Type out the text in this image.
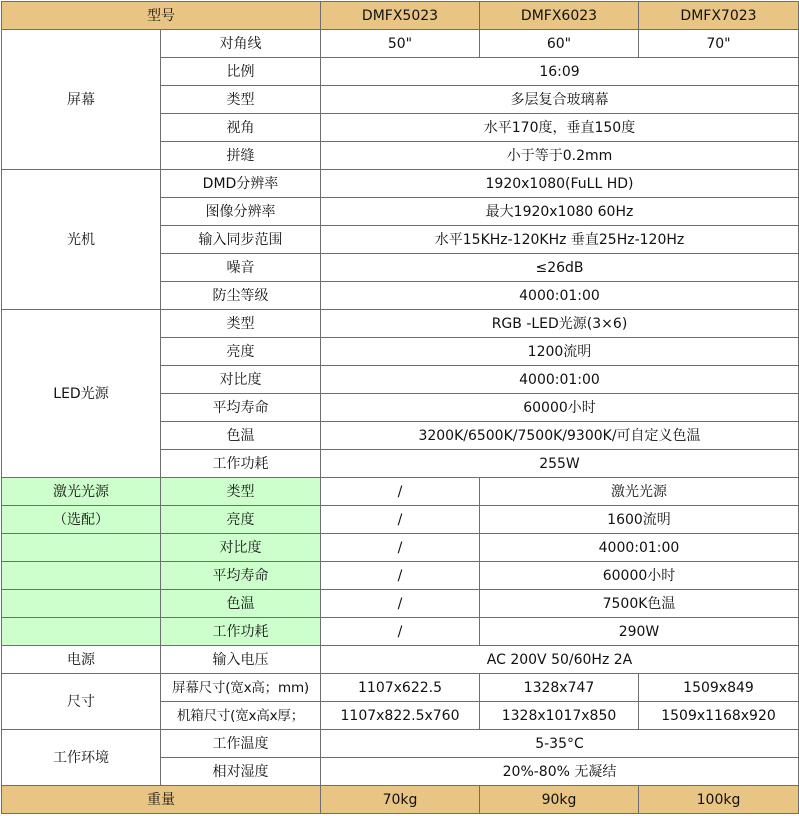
型号		DMFX5023	DMFX6023	DMFX7023
屏幕	对角线	50"	60"	70"
	比例	16:09		
	类型	多层复合玻璃幕		
	视角	水平170度，垂直150度		
	拼缝	小于等于0.2mm		
光机	DMD分辨率	1920x1080(FuLL HD)		
	图像分辨率	最大1920x1080 60Hz		
	输入同步范围	水平15KHz-120KHz 垂直25Hz-120Hz		
	噪音	≤26dB		
	防尘等级	4000:01:00		
LED光源	类型	RGB -LED光源(3×6)		
	亮度	1200流明		
	对比度	4000:01:00		
	平均寿命	60000小时		
	色温	3200K/6500K/7500K/9300K/可自定义色温		
	工作功耗	255W		
激光光源	类型	/	激光光源	
（选配）	亮度	/	1600流明	
	对比度	/	4000:01:00	
	平均寿命	/	60000小时	
	色温	/	7500K色温	
	工作功耗	/	290W	
电源	输入电压	AC 200V 50/60Hz 2A		
尺寸	屏幕尺寸(宽x高；mm)	1107x622.5	1328x747	1509x849
	机箱尺寸(宽x高x厚；	1107x822.5x760	1328x1017x850	1509x1168x920
工作环境	工作温度	5-35°C		
	相对湿度	20%-80% 无凝结		
重量		70kg	90kg	100kg
